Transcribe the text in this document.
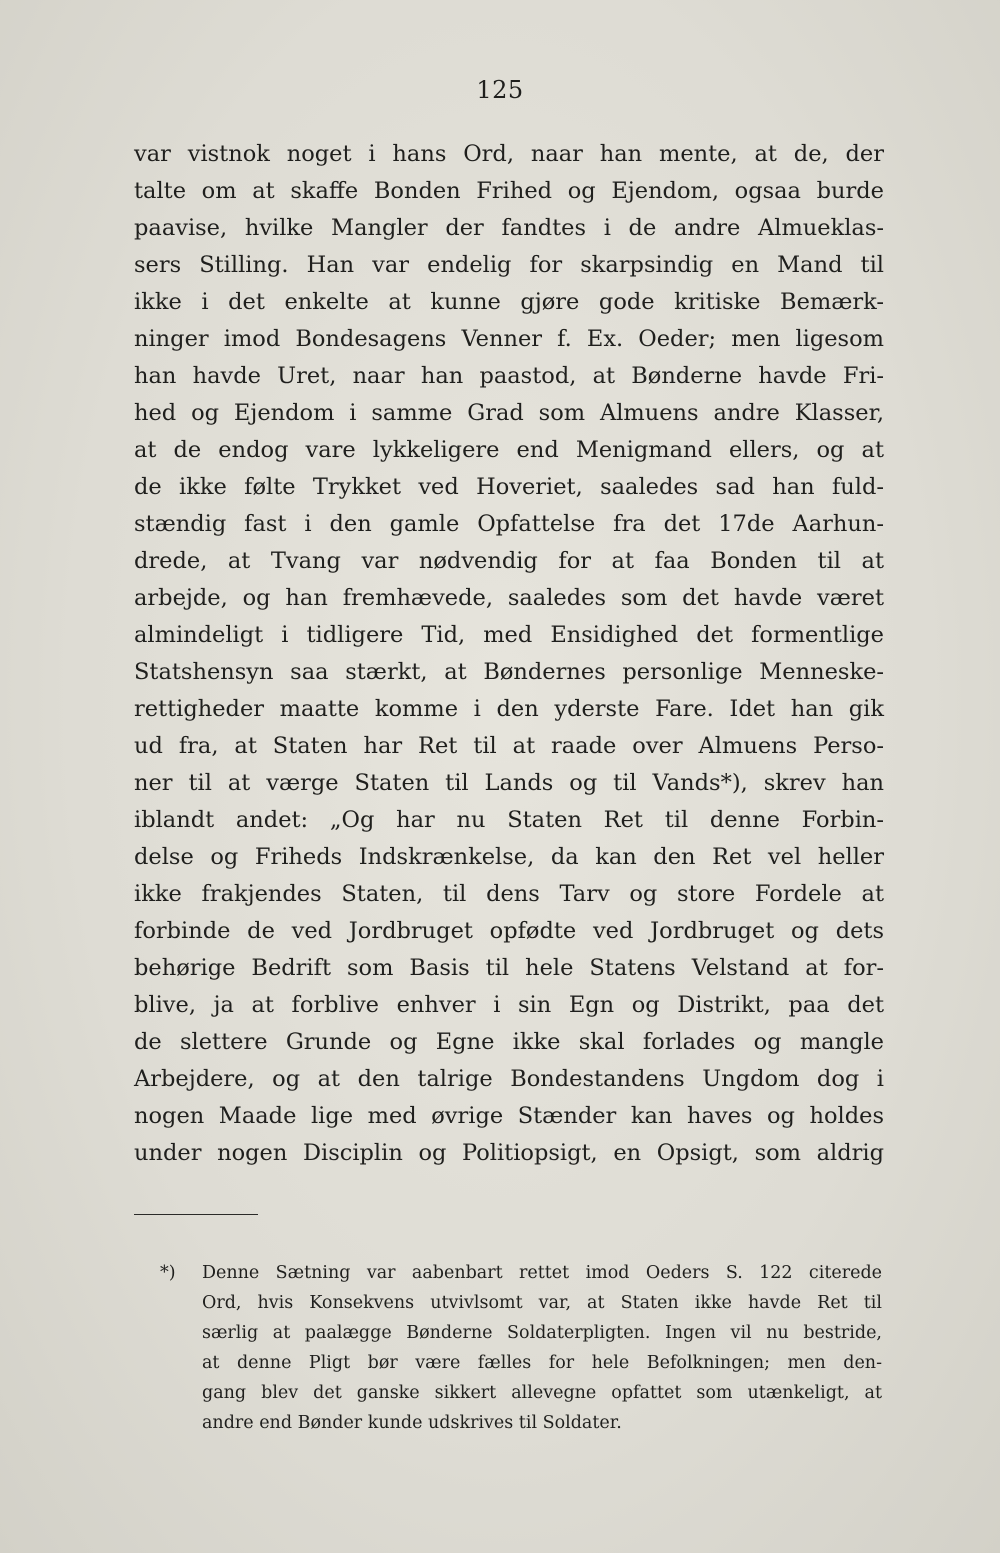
125
var vistnok noget i hans Ord, naar han mente, at de, der
talte om at skaffe Bonden Frihed og Ejendom, ogsaa burde
paavise, hvilke Mangler der fandtes i de andre Almueklas-
sers Stilling. Han var endelig for skarpsindig en Mand til
ikke i det enkelte at kunne gjøre gode kritiske Bemærk-
ninger imod Bondesagens Venner f. Ex. Oeder; men ligesom
han havde Uret, naar han paastod, at Bønderne havde Fri-
hed og Ejendom i samme Grad som Almuens andre Klasser,
at de endog vare lykkeligere end Menigmand ellers, og at
de ikke følte Trykket ved Hoveriet, saaledes sad han fuld-
stændig fast i den gamle Opfattelse fra det 17de Aarhun-
drede, at Tvang var nødvendig for at faa Bonden til at
arbejde, og han fremhævede, saaledes som det havde været
almindeligt i tidligere Tid, med Ensidighed det formentlige
Statshensyn saa stærkt, at Bøndernes personlige Menneske-
rettigheder maatte komme i den yderste Fare. Idet han gik
ud fra, at Staten har Ret til at raade over Almuens Perso-
ner til at værge Staten til Lands og til Vands*), skrev han
iblandt andet: „Og har nu Staten Ret til denne Forbin-
delse og Friheds Indskrænkelse, da kan den Ret vel heller
ikke frakjendes Staten, til dens Tarv og store Fordele at
forbinde de ved Jordbruget opfødte ved Jordbruget og dets
behørige Bedrift som Basis til hele Statens Velstand at for-
blive, ja at forblive enhver i sin Egn og Distrikt, paa det
de slettere Grunde og Egne ikke skal forlades og mangle
Arbejdere, og at den talrige Bondestandens Ungdom dog i
nogen Maade lige med øvrige Stænder kan haves og holdes
under nogen Disciplin og Politiopsigt, en Opsigt, som aldrig
*) Denne Sætning var aabenbart rettet imod Oeders S. 122 citerede
Ord, hvis Konsekvens utvivlsomt var, at Staten ikke havde Ret til
særlig at paalægge Bønderne Soldaterpligten. Ingen vil nu bestride,
at denne Pligt bør være fælles for hele Befolkningen; men den-
gang blev det ganske sikkert allevegne opfattet som utænkeligt, at
andre end Bønder kunde udskrives til Soldater.
